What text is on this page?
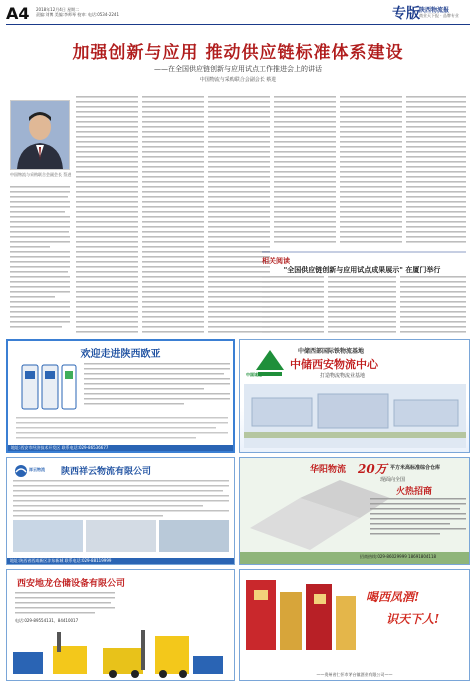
A4 2018年12月4日 星期二
责编:刘博 美编:李师琴 校审: 电话:0534-2241	专版 陕西物流报
商业天下报 · 品牌专业
加强创新与应用 推动供应链标准体系建设
——在全国供应链创新与应用试点工作推进会上的讲话
中国物流与采购联合会副会长 蔡进
中国物流与采购联合会副会长 蔡进
相关阅读
"全国供应链创新与应用试点成果展示" 在厦门举行
欢迎走进陕西欧亚
地址:西安市经济技术开发区 联系电话:029-86536677
中国诚通
中储西部国际铁物流基地
中储西安物流中心
打造物流物流业基地
祥云物流 陕西祥云物流有限公司
地址:陕西省西咸新区沣东新城 联系电话:029-88119999
华阳物流 20万 平方米高标准综合仓库
现面向全国
火热招商
招商热线:029-86029999 18691804118
西安地龙仓储设备有限公司
电话:029-89554131、84410017
喝西凤酒!
识天下人!
——贵州省仁怀市茅台镇酒业有限公司——
